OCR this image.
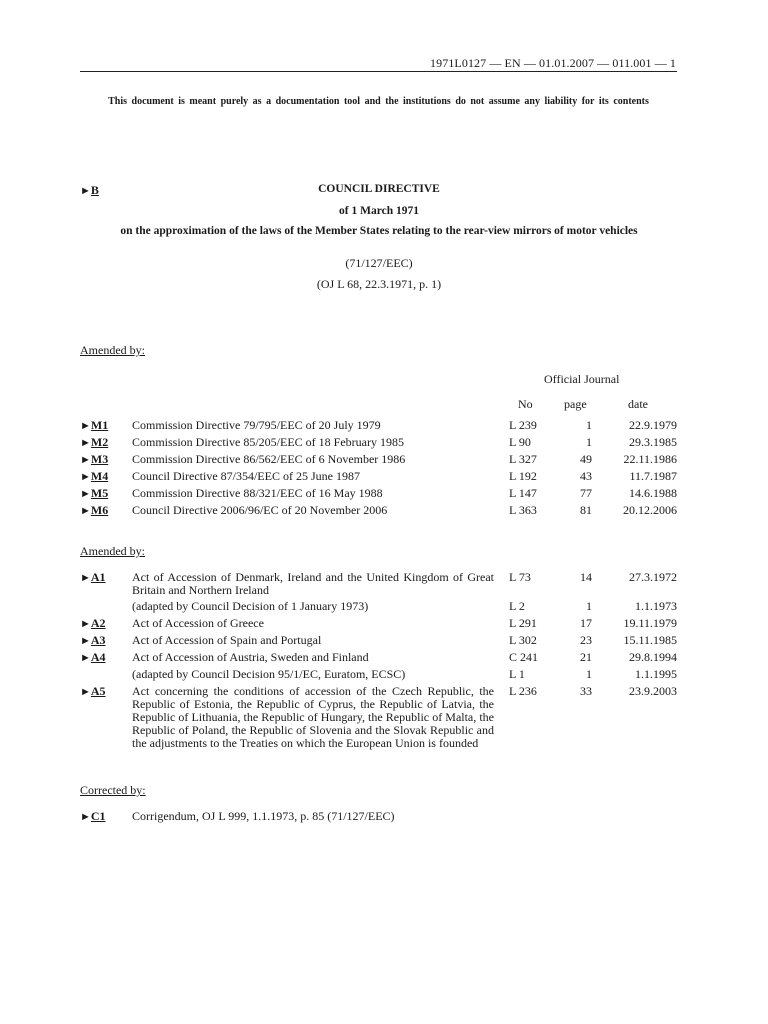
1971L0127 — EN — 01.01.2007 — 011.001 — 1
This document is meant purely as a documentation tool and the institutions do not assume any liability for its contents
►B	COUNCIL DIRECTIVE
of 1 March 1971
on the approximation of the laws of the Member States relating to the rear-view mirrors of motor vehicles
(71/127/EEC)
(OJ L 68, 22.3.1971, p. 1)
Amended by:
Official Journal
No	page	date
►M1 Commission Directive 79/795/EEC of 20 July 1979	L 239	1	22.9.1979
►M2 Commission Directive 85/205/EEC of 18 February 1985	L 90	1	29.3.1985
►M3 Commission Directive 86/562/EEC of 6 November 1986	L 327	49	22.11.1986
►M4 Council Directive 87/354/EEC of 25 June 1987	L 192	43	11.7.1987
►M5 Commission Directive 88/321/EEC of 16 May 1988	L 147	77	14.6.1988
►M6 Council Directive 2006/96/EC of 20 November 2006	L 363	81	20.12.2006
Amended by:
►A1 Act of Accession of Denmark, Ireland and the United Kingdom of Great Britain and Northern Ireland
L 73	14	27.3.1972
(adapted by Council Decision of 1 January 1973)	L 2	1	1.1.1973
►A2 Act of Accession of Greece	L 291	17	19.11.1979
►A3 Act of Accession of Spain and Portugal	L 302	23	15.11.1985
►A4 Act of Accession of Austria, Sweden and Finland	C 241	21	29.8.1994
(adapted by Council Decision 95/1/EC, Euratom, ECSC)	L 1	1	1.1.1995
►A5 Act concerning the conditions of accession of the Czech Republic, the Republic of Estonia, the Republic of Cyprus, the Republic of Latvia, the Republic of Lithuania, the Republic of Hungary, the Republic of Malta, the Republic of Poland, the Republic of Slovenia and the Slovak Republic and the adjustments to the Treaties on which the European Union is founded
L 236	33	23.9.2003
Corrected by:
►C1 Corrigendum, OJ L 999, 1.1.1973, p. 85 (71/127/EEC)
